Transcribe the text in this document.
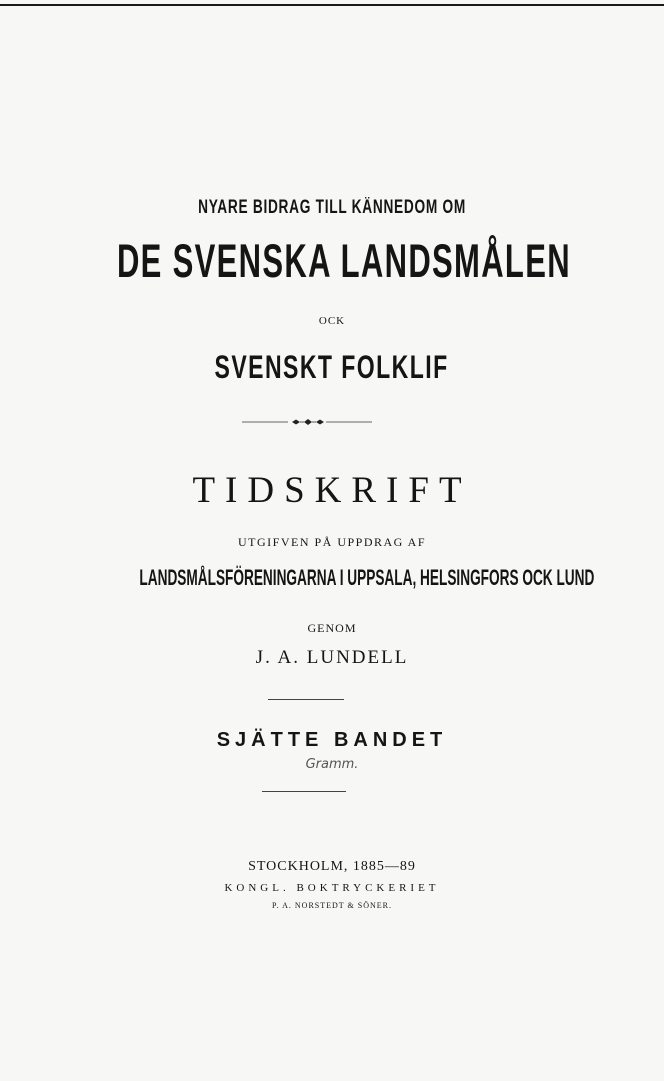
NYARE BIDRAG TILL KÄNNEDOM OM
DE SVENSKA LANDSMÅLEN
OCK
SVENSKT FOLKLIF
TIDSKRIFT
UTGIFVEN PÅ UPPDRAG AF
LANDSMÅLSFÖRENINGARNA I UPPSALA, HELSINGFORS OCK LUND
GENOM
J. A. LUNDELL
SJÄTTE BANDET
Gramm.
STOCKHOLM, 1885—89
KONGL. BOKTRYCKERIET
P. A. NORSTEDT & SÖNER.
